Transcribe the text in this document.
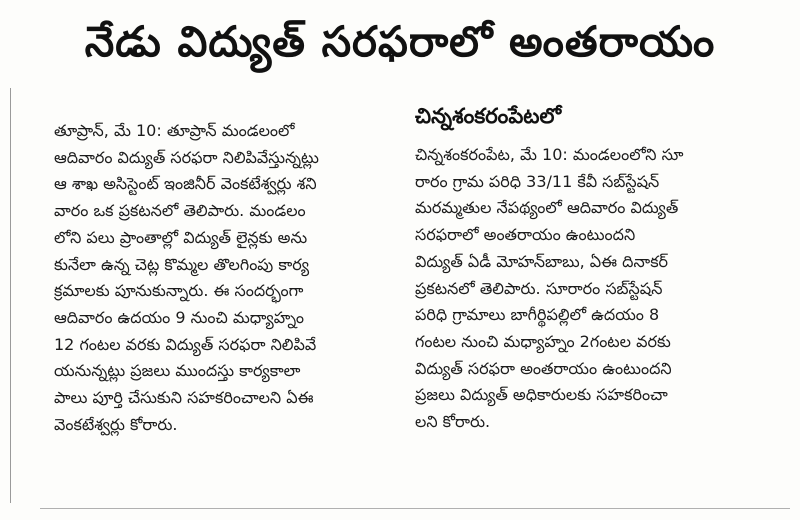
నేడు విద్యుత్ సరఫరాలో అంతరాయం
తూప్రాన్, మే 10: తూప్రాన్ మండలంలో
ఆదివారం విద్యుత్ సరఫరా నిలిపివేస్తున్నట్లు
ఆ శాఖ అసిస్టెంట్ ఇంజినీర్ వెంకటేశ్వర్లు శని
వారం ఒక ప్రకటనలో తెలిపారు. మండలం
లోని పలు ప్రాంతాల్లో విద్యుత్ లైన్లకు అను
కునేలా ఉన్న చెట్ల కొమ్మల తొలగింపు కార్య
క్రమాలకు పూనుకున్నారు. ఈ సందర్భంగా
ఆదివారం ఉదయం 9 నుంచి మధ్యాహ్నం
12 గంటల వరకు విద్యుత్ సరఫరా నిలిపివే
యనున్నట్లు ప్రజలు ముందస్తు కార్యకాలా
పాలు పూర్తి చేసుకుని సహకరించాలని ఏఈ
వెంకటేశ్వర్లు కోరారు.
చిన్నశంకరంపేటలో
చిన్నశంకరంపేట, మే 10: మండలంలోని సూ
రారం గ్రామ పరిధి 33/11 కేవీ సబ్‌స్టేషన్
మరమ్మతుల నేపథ్యంలో ఆదివారం విద్యుత్
సరఫరాలో అంతరాయం ఉంటుందని
విద్యుత్ ఏడీ మోహన్‌బాబు, ఏఈ దినాకర్
ప్రకటనలో తెలిపారు. సూరారం సబ్‌స్టేషన్
పరిధి గ్రామాలు బాగీర్థిపల్లిలో ఉదయం 8
గంటల నుంచి మధ్యాహ్నం 2గంటల వరకు
విద్యుత్ సరఫరా అంతరాయం ఉంటుందని
ప్రజలు విద్యుత్ అధికారులకు సహకరించా
లని కోరారు.
